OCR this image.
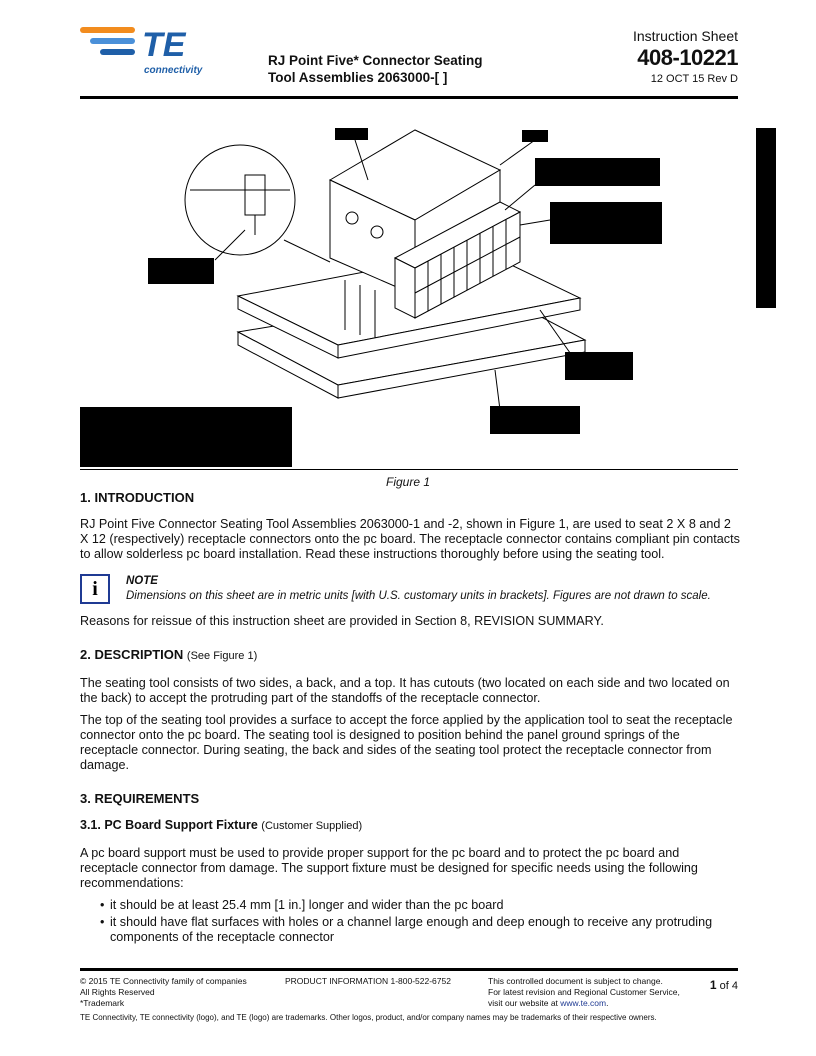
TE
connectivity
RJ Point Five* Connector Seating
Tool Assemblies 2063000-[ ]
Instruction Sheet
408-10221
12 OCT 15 Rev D
Figure 1
1. INTRODUCTION

RJ Point Five Connector Seating Tool Assemblies 2063000-1 and -2, shown in Figure 1, are used to seat 2 X 8 and 2 X 12 (respectively) receptacle connectors onto the pc board. The receptacle connector contains compliant pin contacts to allow solderless pc board installation. Read these instructions thoroughly before using the seating tool.

i	NOTE
Dimensions on this sheet are in metric units [with U.S. customary units in brackets]. Figures are not drawn to scale.

Reasons for reissue of this instruction sheet are provided in Section 8, REVISION SUMMARY.

2. DESCRIPTION (See Figure 1)

The seating tool consists of two sides, a back, and a top. It has cutouts (two located on each side and two located on the back) to accept the protruding part of the standoffs of the receptacle connector.

The top of the seating tool provides a surface to accept the force applied by the application tool to seat the receptacle connector onto the pc board. The seating tool is designed to position behind the panel ground springs of the receptacle connector. During seating, the back and sides of the seating tool protect the receptacle connector from damage.

3. REQUIREMENTS
3.1. PC Board Support Fixture (Customer Supplied)

A pc board support must be used to provide proper support for the pc board and to protect the pc board and receptacle connector from damage. The support fixture must be designed for specific needs using the following recommendations:

• it should be at least 25.4 mm [1 in.] longer and wider than the pc board
• it should have flat surfaces with holes or a channel large enough and deep enough to receive any protruding components of the receptacle connector
© 2015 TE Connectivity family of companies
All Rights Reserved
*Trademark
PRODUCT INFORMATION 1-800-522-6752	This controlled document is subject to change.
For latest revision and Regional Customer Service,
visit our website at www.te.com.
1 of 4
TE Connectivity, TE connectivity (logo), and TE (logo) are trademarks. Other logos, product, and/or company names may be trademarks of their respective owners.
